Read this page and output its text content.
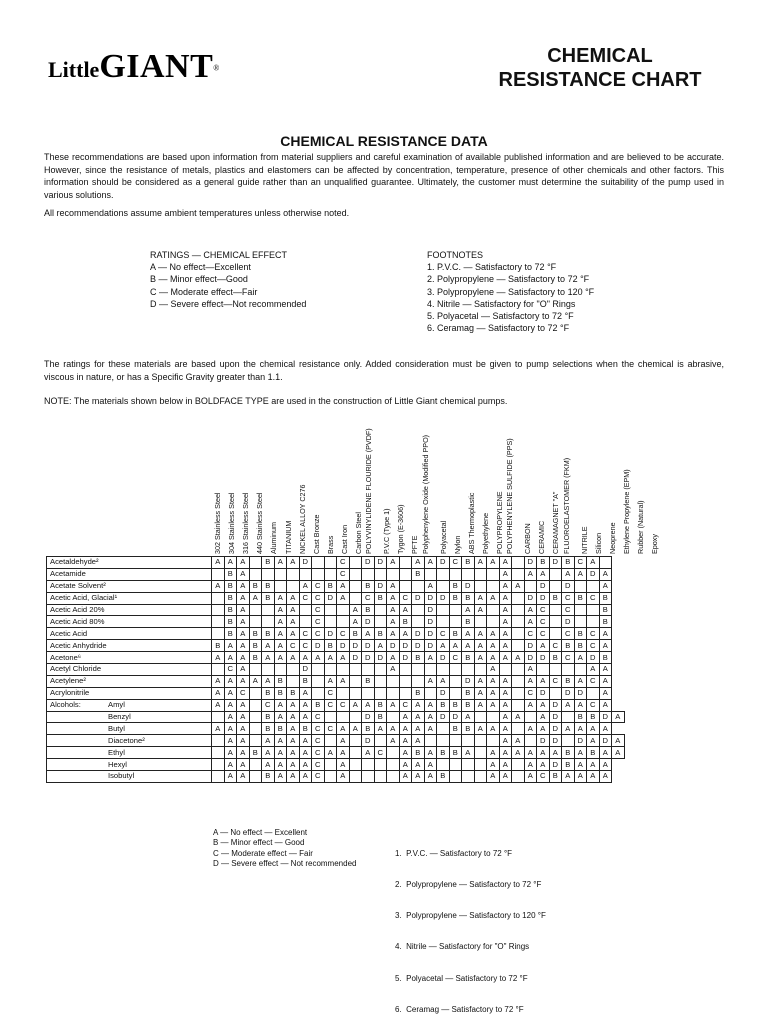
LittleGIANT®
CHEMICAL
RESISTANCE CHART
CHEMICAL RESISTANCE DATA
These recommendations are based upon information from material suppliers and careful examination of available published information and are believed to be accurate. However, since the resistance of metals, plastics and elastomers can be affected by concentration, temperature, presence of other chemicals and other factors. This information should be considered as a general guide rather than an unqualified guarantee. Ultimately, the customer must determine the suitability of the pump used in various solutions.
All recommendations assume ambient temperatures unless otherwise noted.
RATINGS — CHEMICAL EFFECT
A — No effect—Excellent
B — Minor effect—Good
C — Moderate effect—Fair
D — Severe effect—Not recommended
FOOTNOTES
1. P.V.C. — Satisfactory to 72 °F
2. Polypropylene — Satisfactory to 72 °F
3. Polypropylene — Satisfactory to 120 °F
4. Nitrile — Satisfactory for "O" Rings
5. Polyacetal — Satisfactory to 72 °F
6. Ceramag — Satisfactory to 72 °F
The ratings for these materials are based upon the chemical resistance only. Added consideration must be given to pump selections when the chemical is abrasive, viscous in nature, or has a Specific Gravity greater than 1.1.
NOTE: The materials shown below in BOLDFACE TYPE are used in the construction of Little Giant chemical pumps.
302 Stainless Steel 304 Stainless Steel 316 Stainless Steel 440 Stainless Steel Aluminum TITANIUM NICKEL ALLOY C276 Cast Bronze Brass Cast Iron Carbon Steel POLYVINYLIDENE FLOURIDE (PVDF) P.V.C (Type 1) Tygon (E-3606) PFTE Polyphenylene Oxide (Modified PPO) Polyacetal Nylon ABS Thermoplastic Polyethylene POLYPROPYLENE POLYPHENYLENE SULFIDE (PPS) CARBON CERAMIC CERAMAGNET "A" FLUOROELASTOMER (FKM) NITRILE Silicon Neoprene Ethylene Propylene (EPM) Rubber (Natural) Epoxy
Acetaldehyde²	A	A	A		B	A	A	D			C		D	D	A		A	A	D	C	B	A	A	A		D	B	D	B	C	A		
Acetamide		B	A								C						B							A		A	A		A	A	D	A	
Acetate Solvent²	A	B	A	B	B			A	C	B	A		B	D	A			A		B	D			A	A		D		D			A	
Acetic Acid, Glacial¹		B	A	A	B	A	A	C	C	D	A		C	B	A	C	D	D	D	B	B	A	A	A		D	D	B	C	B	C	B	
Acetic Acid 20%		B	A			A	A		C			A	B		A	A		D			A	A		A		A	C		C			B	
Acetic Acid 80%		B	A			A	A		C			A	D		A	B		D			B			A		A	C		D			B	
Acetic Acid		B	A	B	B	A	A	C	C	D	C	B	A	B	A	A	D	D	C	B	A	A	A	A		C	C		C	B	C	A	
Acetic Anhydride	B	A	A	B	A	A	C	C	D	B	D	D	D	A	D	D	D	D	A	A	A	A	A	A		D	A	C	B	B	C	A	
Acetone⁶	A	A	A	B	A	A	A	A	A	A	A	D	D	D	A	D	B	A	D	C	B	A	A	A	A	D	D	B	C	A	D	B	
Acetyl Chloride		C	A					D							A								A			A					A	A	
Acetylene²	A	A	A	A	A	B		B		A	A		B					A	A		D	A	A	A		A	A	C	B	A	C	A	
Acrylonitrile	A	A	C		B	B	B	A		C							B		D		B	A	A	A		C	D		D	D		A	
Alcohols: Amyl	A	A	A		C	A	A	A	B	C	C	A	A	B	A	C	A	A	B	B	B	A	A	A		A	A	D	A	A	C	A	
Benzyl		A	A		B	A	A	A	C				D	B		A	A	A	D	D	A			A	A		A	D		B	B	D	A
Butyl	A	A	A		B	B	A	B	C	C	A	A	B	A	A	A	A	A		B	B	A	A	A		A	A	D	A	A	A	A	
Diacetone²		A	A		A	A	A	A	C		A		D		A	A	A							A	A		D	D		D	A	D	A
Ethyl		A	A	B	A	A	A	A	C	A	A		A	C		A	B	A	B	B	A		A	A	A	A	A	A	B	A	B	A	A
Hexyl		A	A		A	A	A	A	C		A					A	A	A					A	A		A	A	D	B	A	A	A	
Isobutyl		A	A		B	A	A	A	C		A					A	A	A	B				A	A		A	C	B	A	A	A	A	
A — No effect — Excellent
B — Minor effect — Good
C — Moderate effect — Fair
D — Severe effect — Not recommended

1.  P.V.C. — Satisfactory to 72 °F

2.  Polypropylene — Satisfactory to 72 °F

3.  Polypropylene — Satisfactory to 120 °F

4.  Nitrile — Satisfactory for "O" Rings

5.  Polyacetal — Satisfactory to 72 °F

6.  Ceramag — Satisfactory to 72 °F
